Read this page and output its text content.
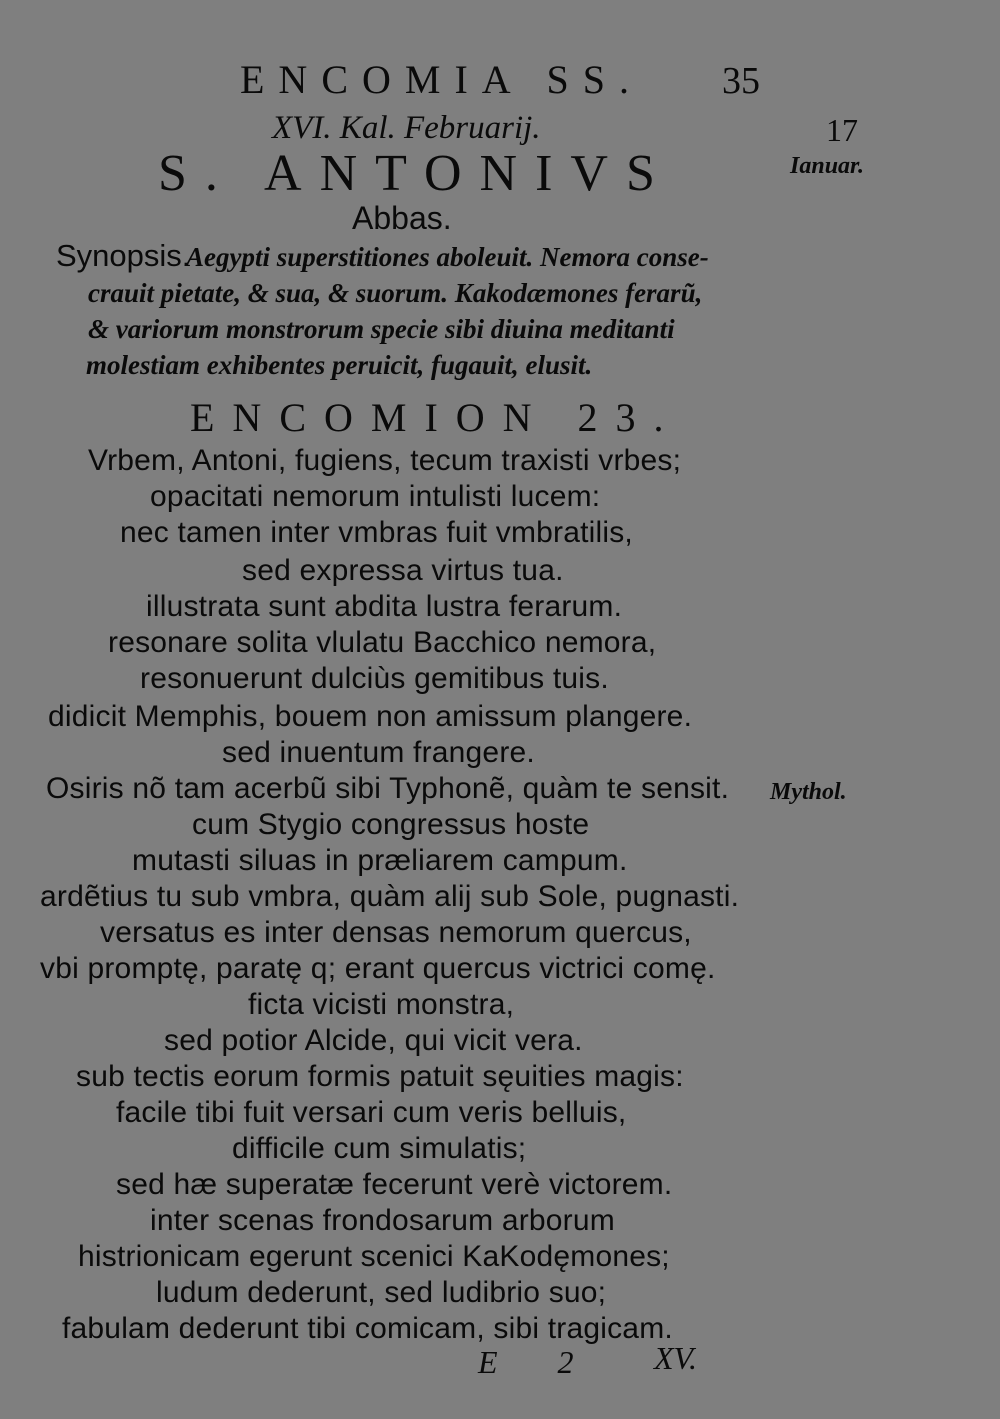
ENCOMIA SS. 35
XVI. Kal. Februarij.	17
Ianuar.
S. ANTONIVS
Abbas.
Synopsis.
Aegypti superstitiones aboleuit. Nemora conse-
crauit pietate, & sua, & suorum. Kakodæmones ferarũ,
& variorum monstrorum specie sibi diuina meditanti
molestiam exhibentes peruicit, fugauit, elusit.
ENCOMION 23.
Vrbem, Antoni, fugiens, tecum traxisti vrbes;
opacitati nemorum intulisti lucem:
nec tamen inter vmbras fuit vmbratilis,
sed expressa virtus tua.
illustrata sunt abdita lustra ferarum.
resonare solita vlulatu Bacchico nemora,
resonuerunt dulciùs gemitibus tuis.
didicit Memphis, bouem non amissum plangere.
sed inuentum frangere.
Osiris nõ tam acerbũ sibi Typhonẽ, quàm te sensit.
cum Stygio congressus hoste
mutasti siluas in præliarem campum.
ardẽtius tu sub vmbra, quàm alij sub Sole, pugnasti.
versatus es inter densas nemorum quercus,
vbi promptę, paratę q; erant quercus victrici comę.
ficta vicisti monstra,
sed potior Alcide, qui vicit vera.
sub tectis eorum formis patuit sęuities magis:
facile tibi fuit versari cum veris belluis,
difficile cum simulatis;
sed hæ superatæ fecerunt verè victorem.
inter scenas frondosarum arborum
histrionicam egerunt scenici KaKodęmones;
ludum dederunt, sed ludibrio suo;
fabulam dederunt tibi comicam, sibi tragicam.
Mythol.
E 2 XV.
